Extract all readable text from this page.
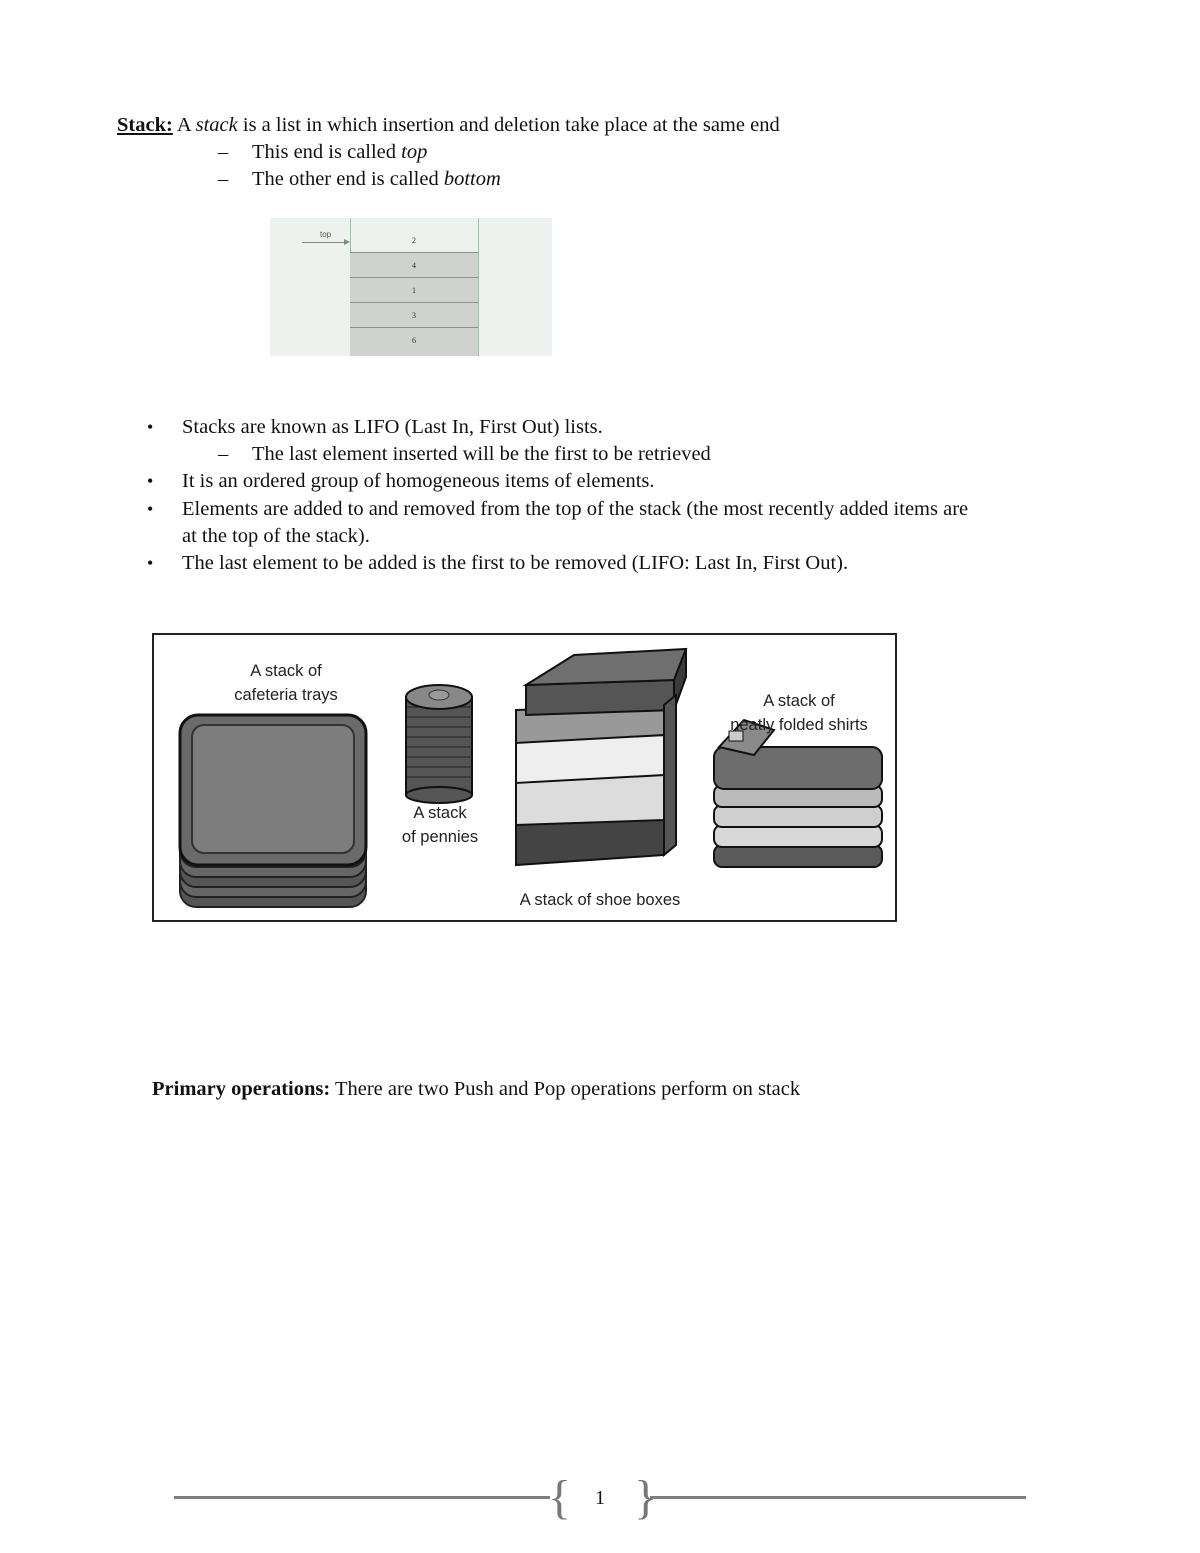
Stack: A stack is a list in which insertion and deletion take place at the same end
– This end is called top
– The other end is called bottom
top
2
4
1
3
6
• Stacks are known as LIFO (Last In, First Out) lists.
– The last element inserted will be the first to be retrieved
• It is an ordered group of homogeneous items of elements.
• Elements are added to and removed from the top of the stack (the most recently added items are
at the top of the stack).
• The last element to be added is the first to be removed (LIFO: Last In, First Out).
A stack of
cafeteria trays
A stack
of pennies
A stack of shoe boxes
A stack of
neatly folded shirts
Primary operations: There are two Push and Pop operations perform on stack
{ }
1
